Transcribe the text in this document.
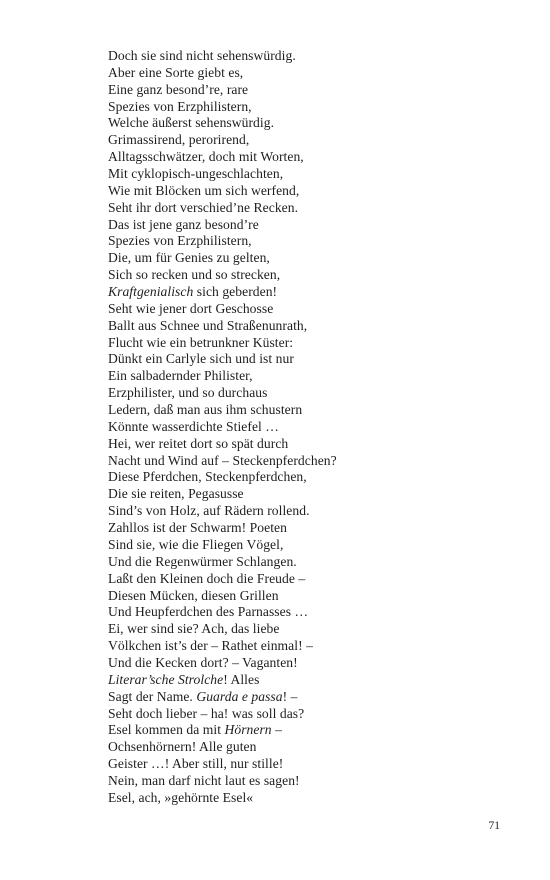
Doch sie sind nicht sehenswürdig.
Aber eine Sorte giebt es,
Eine ganz besond’re, rare
Spezies von Erzphilistern,
Welche äußerst sehenswürdig.
Grimassirend, perorirend,
Alltagsschwätzer, doch mit Worten,
Mit cyklopisch-ungeschlachten,
Wie mit Blöcken um sich werfend,
Seht ihr dort verschied’ne Recken.
Das ist jene ganz besond’re
Spezies von Erzphilistern,
Die, um für Genies zu gelten,
Sich so recken und so strecken,
Kraftgenialisch sich geberden!
Seht wie jener dort Geschosse
Ballt aus Schnee und Straßenunrath,
Flucht wie ein betrunkner Küster:
Dünkt ein Carlyle sich und ist nur
Ein salbadernder Philister,
Erzphilister, und so durchaus
Ledern, daß man aus ihm schustern
Könnte wasserdichte Stiefel …
Hei, wer reitet dort so spät durch
Nacht und Wind auf – Steckenpferdchen?
Diese Pferdchen, Steckenpferdchen,
Die sie reiten, Pegasusse
Sind’s von Holz, auf Rädern rollend.
Zahllos ist der Schwarm! Poeten
Sind sie, wie die Fliegen Vögel,
Und die Regenwürmer Schlangen.
Laßt den Kleinen doch die Freude –
Diesen Mücken, diesen Grillen
Und Heupferdchen des Parnasses …
Ei, wer sind sie? Ach, das liebe
Völkchen ist’s der – Rathet einmal! –
Und die Kecken dort? – Vaganten!
Literar’sche Strolche! Alles
Sagt der Name. Guarda e passa! –
Seht doch lieber – ha! was soll das?
Esel kommen da mit Hörnern –
Ochsenhörnern! Alle guten
Geister …! Aber still, nur stille!
Nein, man darf nicht laut es sagen!
Esel, ach, »gehörnte Esel«
71
